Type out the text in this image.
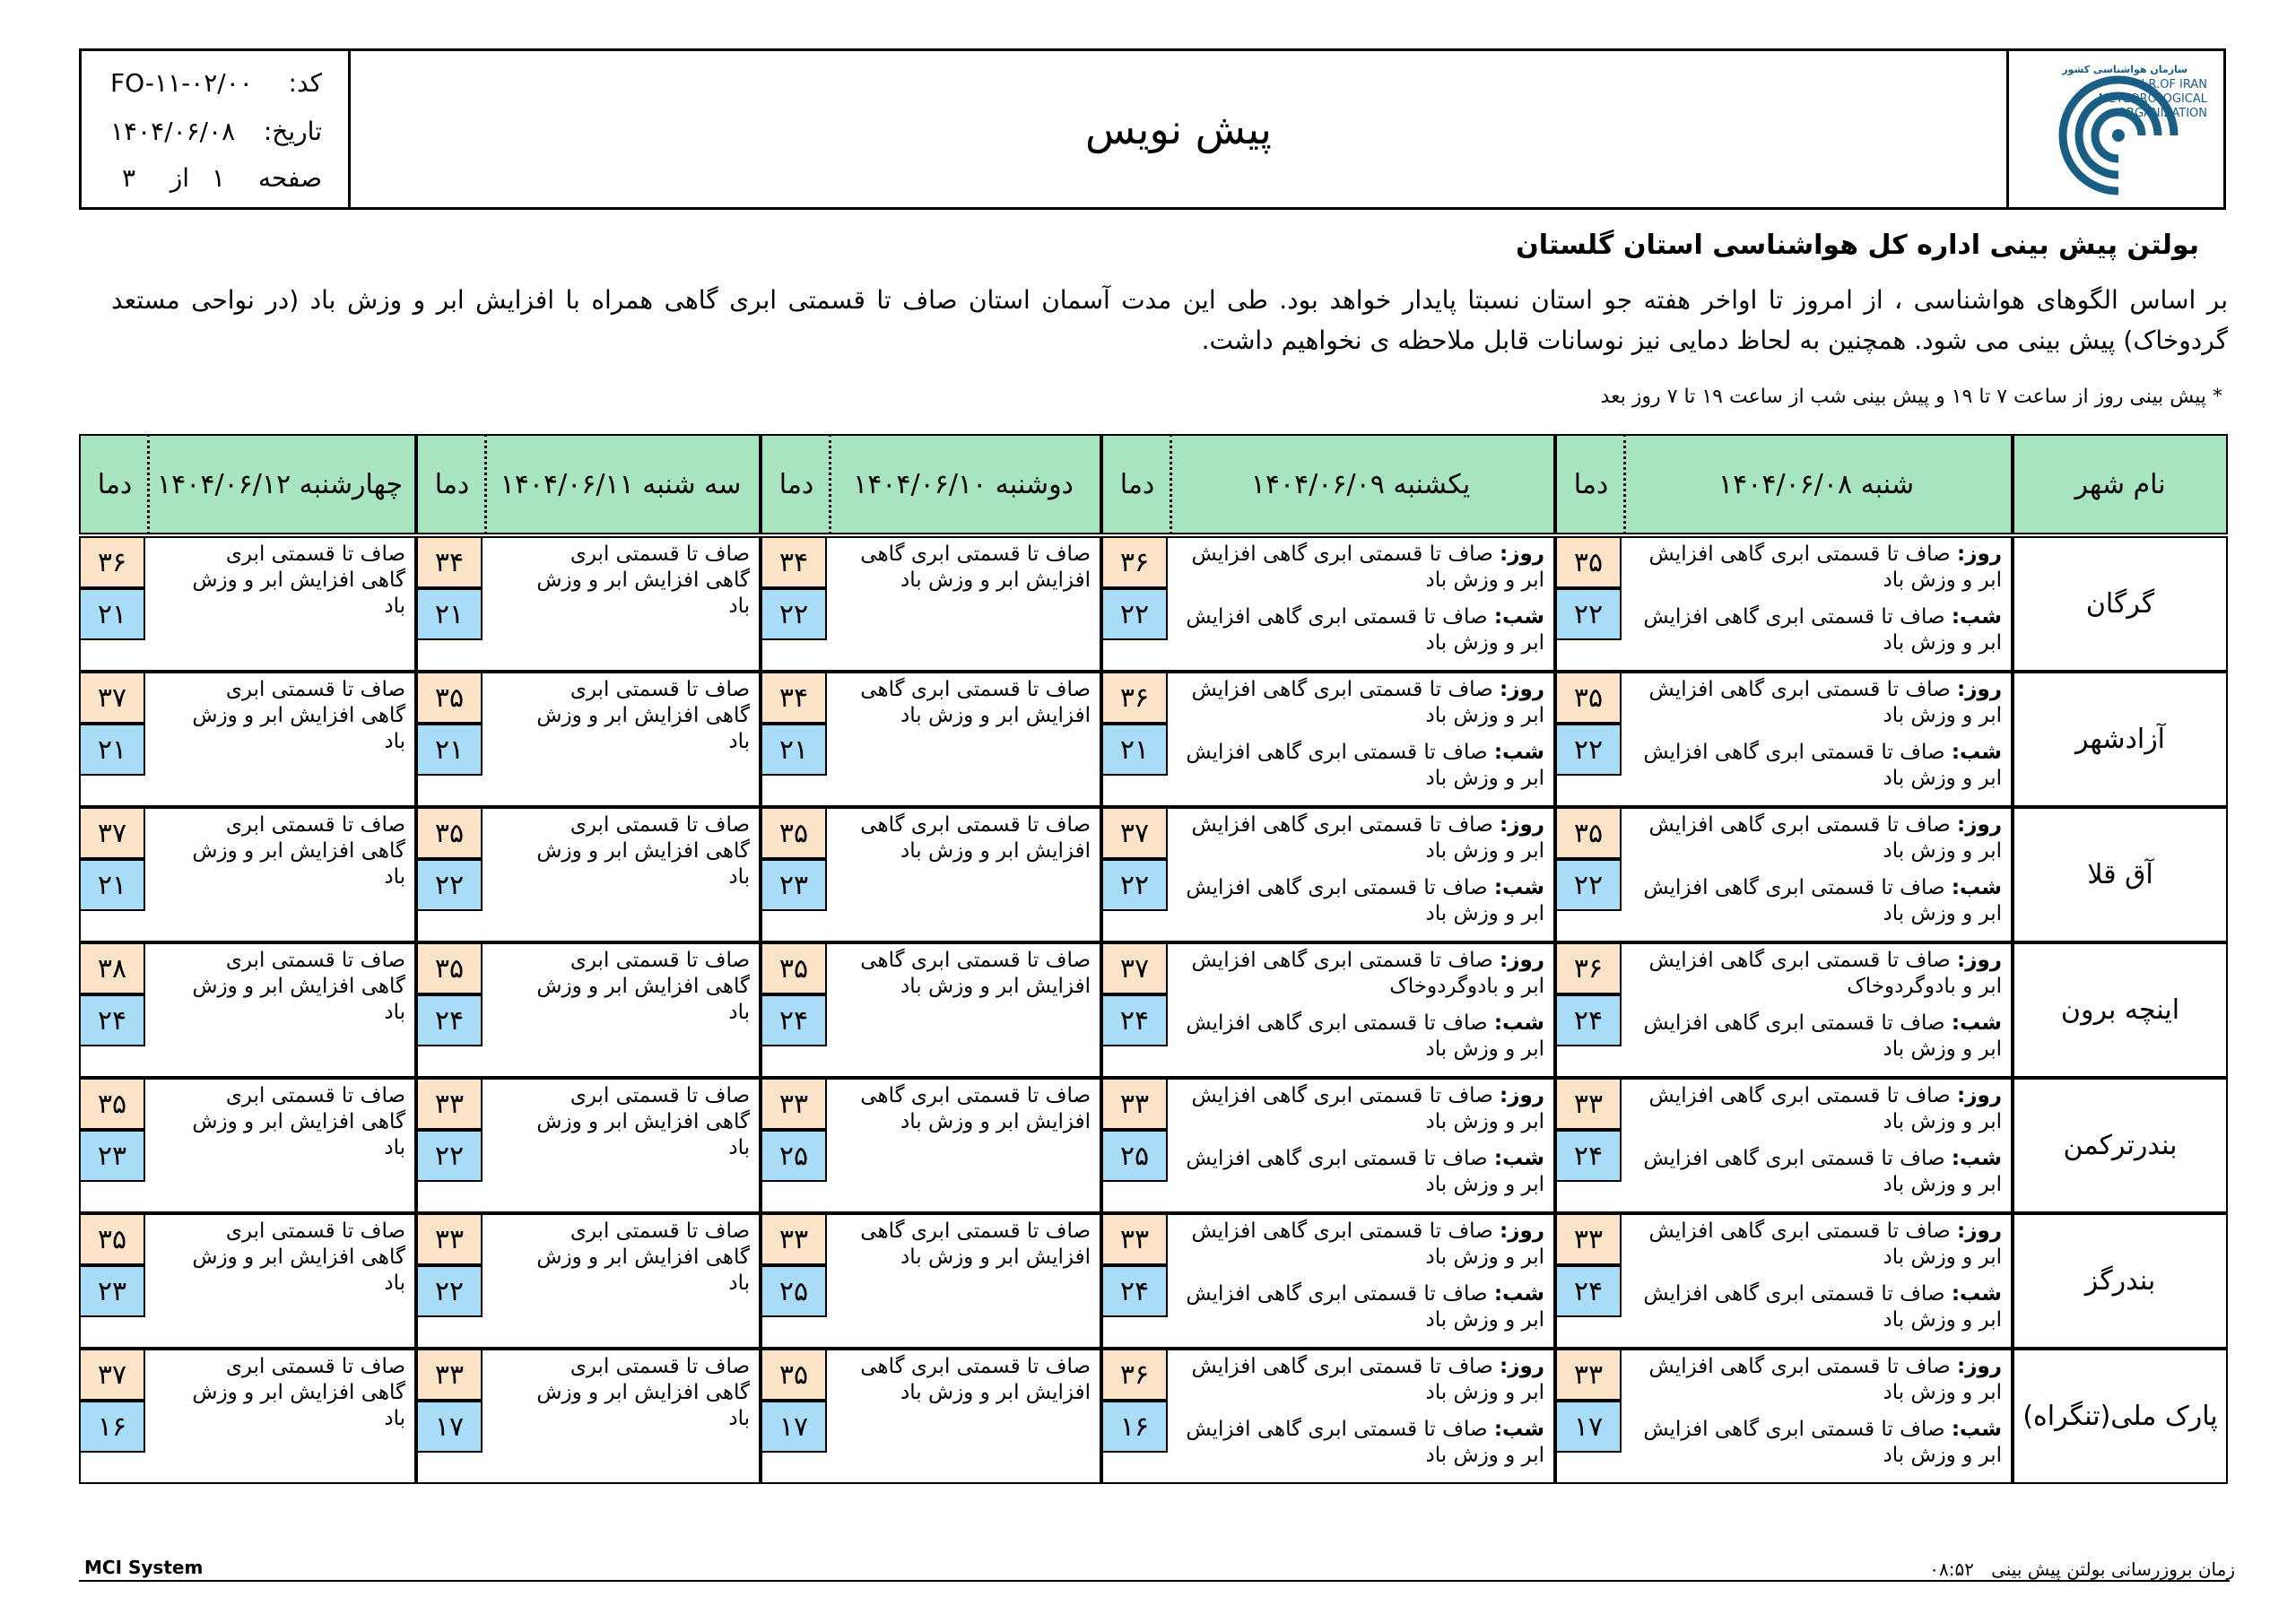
کد:
FO-۱۱-۰۲/۰۰
تاریخ:
۱۴۰۴/۰۶/۰۸
صفحه
۱
از
۳
پیش نویس
سازمان هواشناسی کشور
I.R.OF IRAN
METEOROLOGICAL
ORGANIZATION
بولتن پیش بینی اداره کل هواشناسی استان گلستان
بر اساس الگوهای هواشناسی ، از امروز تا اواخر هفته جو استان نسبتا پایدار خواهد بود. طی این مدت آسمان استان صاف تا قسمتی ابری گاهی همراه با افزایش ابر و وزش باد (در نواحی مستعد گردوخاک) پیش بینی می شود. همچنین به لحاظ دمایی نیز نوسانات قابل ملاحظه ی نخواهیم داشت.
* پیش بینی روز از ساعت ۷ تا ۱۹ و پیش بینی شب از ساعت ۱۹ تا ۷ روز بعد
نام شهر
شنبه ۱۴۰۴/۰۶/۰۸
دما
یکشنبه ۱۴۰۴/۰۶/۰۹
دما
دوشنبه ۱۴۰۴/۰۶/۱۰
دما
سه شنبه ۱۴۰۴/۰۶/۱۱
دما
چهارشنبه ۱۴۰۴/۰۶/۱۲
دما
گرگان
۳۵
۲۲
روز: صاف تا قسمتی ابری گاهی افزایش ابر و وزش باد
شب: صاف تا قسمتی ابری گاهی افزایش ابر و وزش باد
۳۶
۲۲
روز: صاف تا قسمتی ابری گاهی افزایش ابر و وزش باد
شب: صاف تا قسمتی ابری گاهی افزایش ابر و وزش باد
۳۴
۲۲
صاف تا قسمتی ابری گاهی افزایش ابر و وزش باد
۳۴
۲۱
صاف تا قسمتی ابری گاهی افزایش ابر و وزش باد
۳۶
۲۱
صاف تا قسمتی ابری گاهی افزایش ابر و وزش باد
آزادشهر
۳۵
۲۲
روز: صاف تا قسمتی ابری گاهی افزایش ابر و وزش باد
شب: صاف تا قسمتی ابری گاهی افزایش ابر و وزش باد
۳۶
۲۱
روز: صاف تا قسمتی ابری گاهی افزایش ابر و وزش باد
شب: صاف تا قسمتی ابری گاهی افزایش ابر و وزش باد
۳۴
۲۱
صاف تا قسمتی ابری گاهی افزایش ابر و وزش باد
۳۵
۲۱
صاف تا قسمتی ابری گاهی افزایش ابر و وزش باد
۳۷
۲۱
صاف تا قسمتی ابری گاهی افزایش ابر و وزش باد
آق قلا
۳۵
۲۲
روز: صاف تا قسمتی ابری گاهی افزایش ابر و وزش باد
شب: صاف تا قسمتی ابری گاهی افزایش ابر و وزش باد
۳۷
۲۲
روز: صاف تا قسمتی ابری گاهی افزایش ابر و وزش باد
شب: صاف تا قسمتی ابری گاهی افزایش ابر و وزش باد
۳۵
۲۳
صاف تا قسمتی ابری گاهی افزایش ابر و وزش باد
۳۵
۲۲
صاف تا قسمتی ابری گاهی افزایش ابر و وزش باد
۳۷
۲۱
صاف تا قسمتی ابری گاهی افزایش ابر و وزش باد
اینچه برون
۳۶
۲۴
روز: صاف تا قسمتی ابری گاهی افزایش ابر و بادوگردوخاک
شب: صاف تا قسمتی ابری گاهی افزایش ابر و وزش باد
۳۷
۲۴
روز: صاف تا قسمتی ابری گاهی افزایش ابر و بادوگردوخاک
شب: صاف تا قسمتی ابری گاهی افزایش ابر و وزش باد
۳۵
۲۴
صاف تا قسمتی ابری گاهی افزایش ابر و وزش باد
۳۵
۲۴
صاف تا قسمتی ابری گاهی افزایش ابر و وزش باد
۳۸
۲۴
صاف تا قسمتی ابری گاهی افزایش ابر و وزش باد
بندرترکمن
۳۳
۲۴
روز: صاف تا قسمتی ابری گاهی افزایش ابر و وزش باد
شب: صاف تا قسمتی ابری گاهی افزایش ابر و وزش باد
۳۳
۲۵
روز: صاف تا قسمتی ابری گاهی افزایش ابر و وزش باد
شب: صاف تا قسمتی ابری گاهی افزایش ابر و وزش باد
۳۳
۲۵
صاف تا قسمتی ابری گاهی افزایش ابر و وزش باد
۳۳
۲۲
صاف تا قسمتی ابری گاهی افزایش ابر و وزش باد
۳۵
۲۳
صاف تا قسمتی ابری گاهی افزایش ابر و وزش باد
بندرگز
۳۳
۲۴
روز: صاف تا قسمتی ابری گاهی افزایش ابر و وزش باد
شب: صاف تا قسمتی ابری گاهی افزایش ابر و وزش باد
۳۳
۲۴
روز: صاف تا قسمتی ابری گاهی افزایش ابر و وزش باد
شب: صاف تا قسمتی ابری گاهی افزایش ابر و وزش باد
۳۳
۲۵
صاف تا قسمتی ابری گاهی افزایش ابر و وزش باد
۳۳
۲۲
صاف تا قسمتی ابری گاهی افزایش ابر و وزش باد
۳۵
۲۳
صاف تا قسمتی ابری گاهی افزایش ابر و وزش باد
پارک ملی(تنگراه)
۳۳
۱۷
روز: صاف تا قسمتی ابری گاهی افزایش ابر و وزش باد
شب: صاف تا قسمتی ابری گاهی افزایش ابر و وزش باد
۳۶
۱۶
روز: صاف تا قسمتی ابری گاهی افزایش ابر و وزش باد
شب: صاف تا قسمتی ابری گاهی افزایش ابر و وزش باد
۳۵
۱۷
صاف تا قسمتی ابری گاهی افزایش ابر و وزش باد
۳۳
۱۷
صاف تا قسمتی ابری گاهی افزایش ابر و وزش باد
۳۷
۱۶
صاف تا قسمتی ابری گاهی افزایش ابر و وزش باد
MCI System	زمان بروزرسانی بولتن پیش بینی   ۰۸:۵۲
